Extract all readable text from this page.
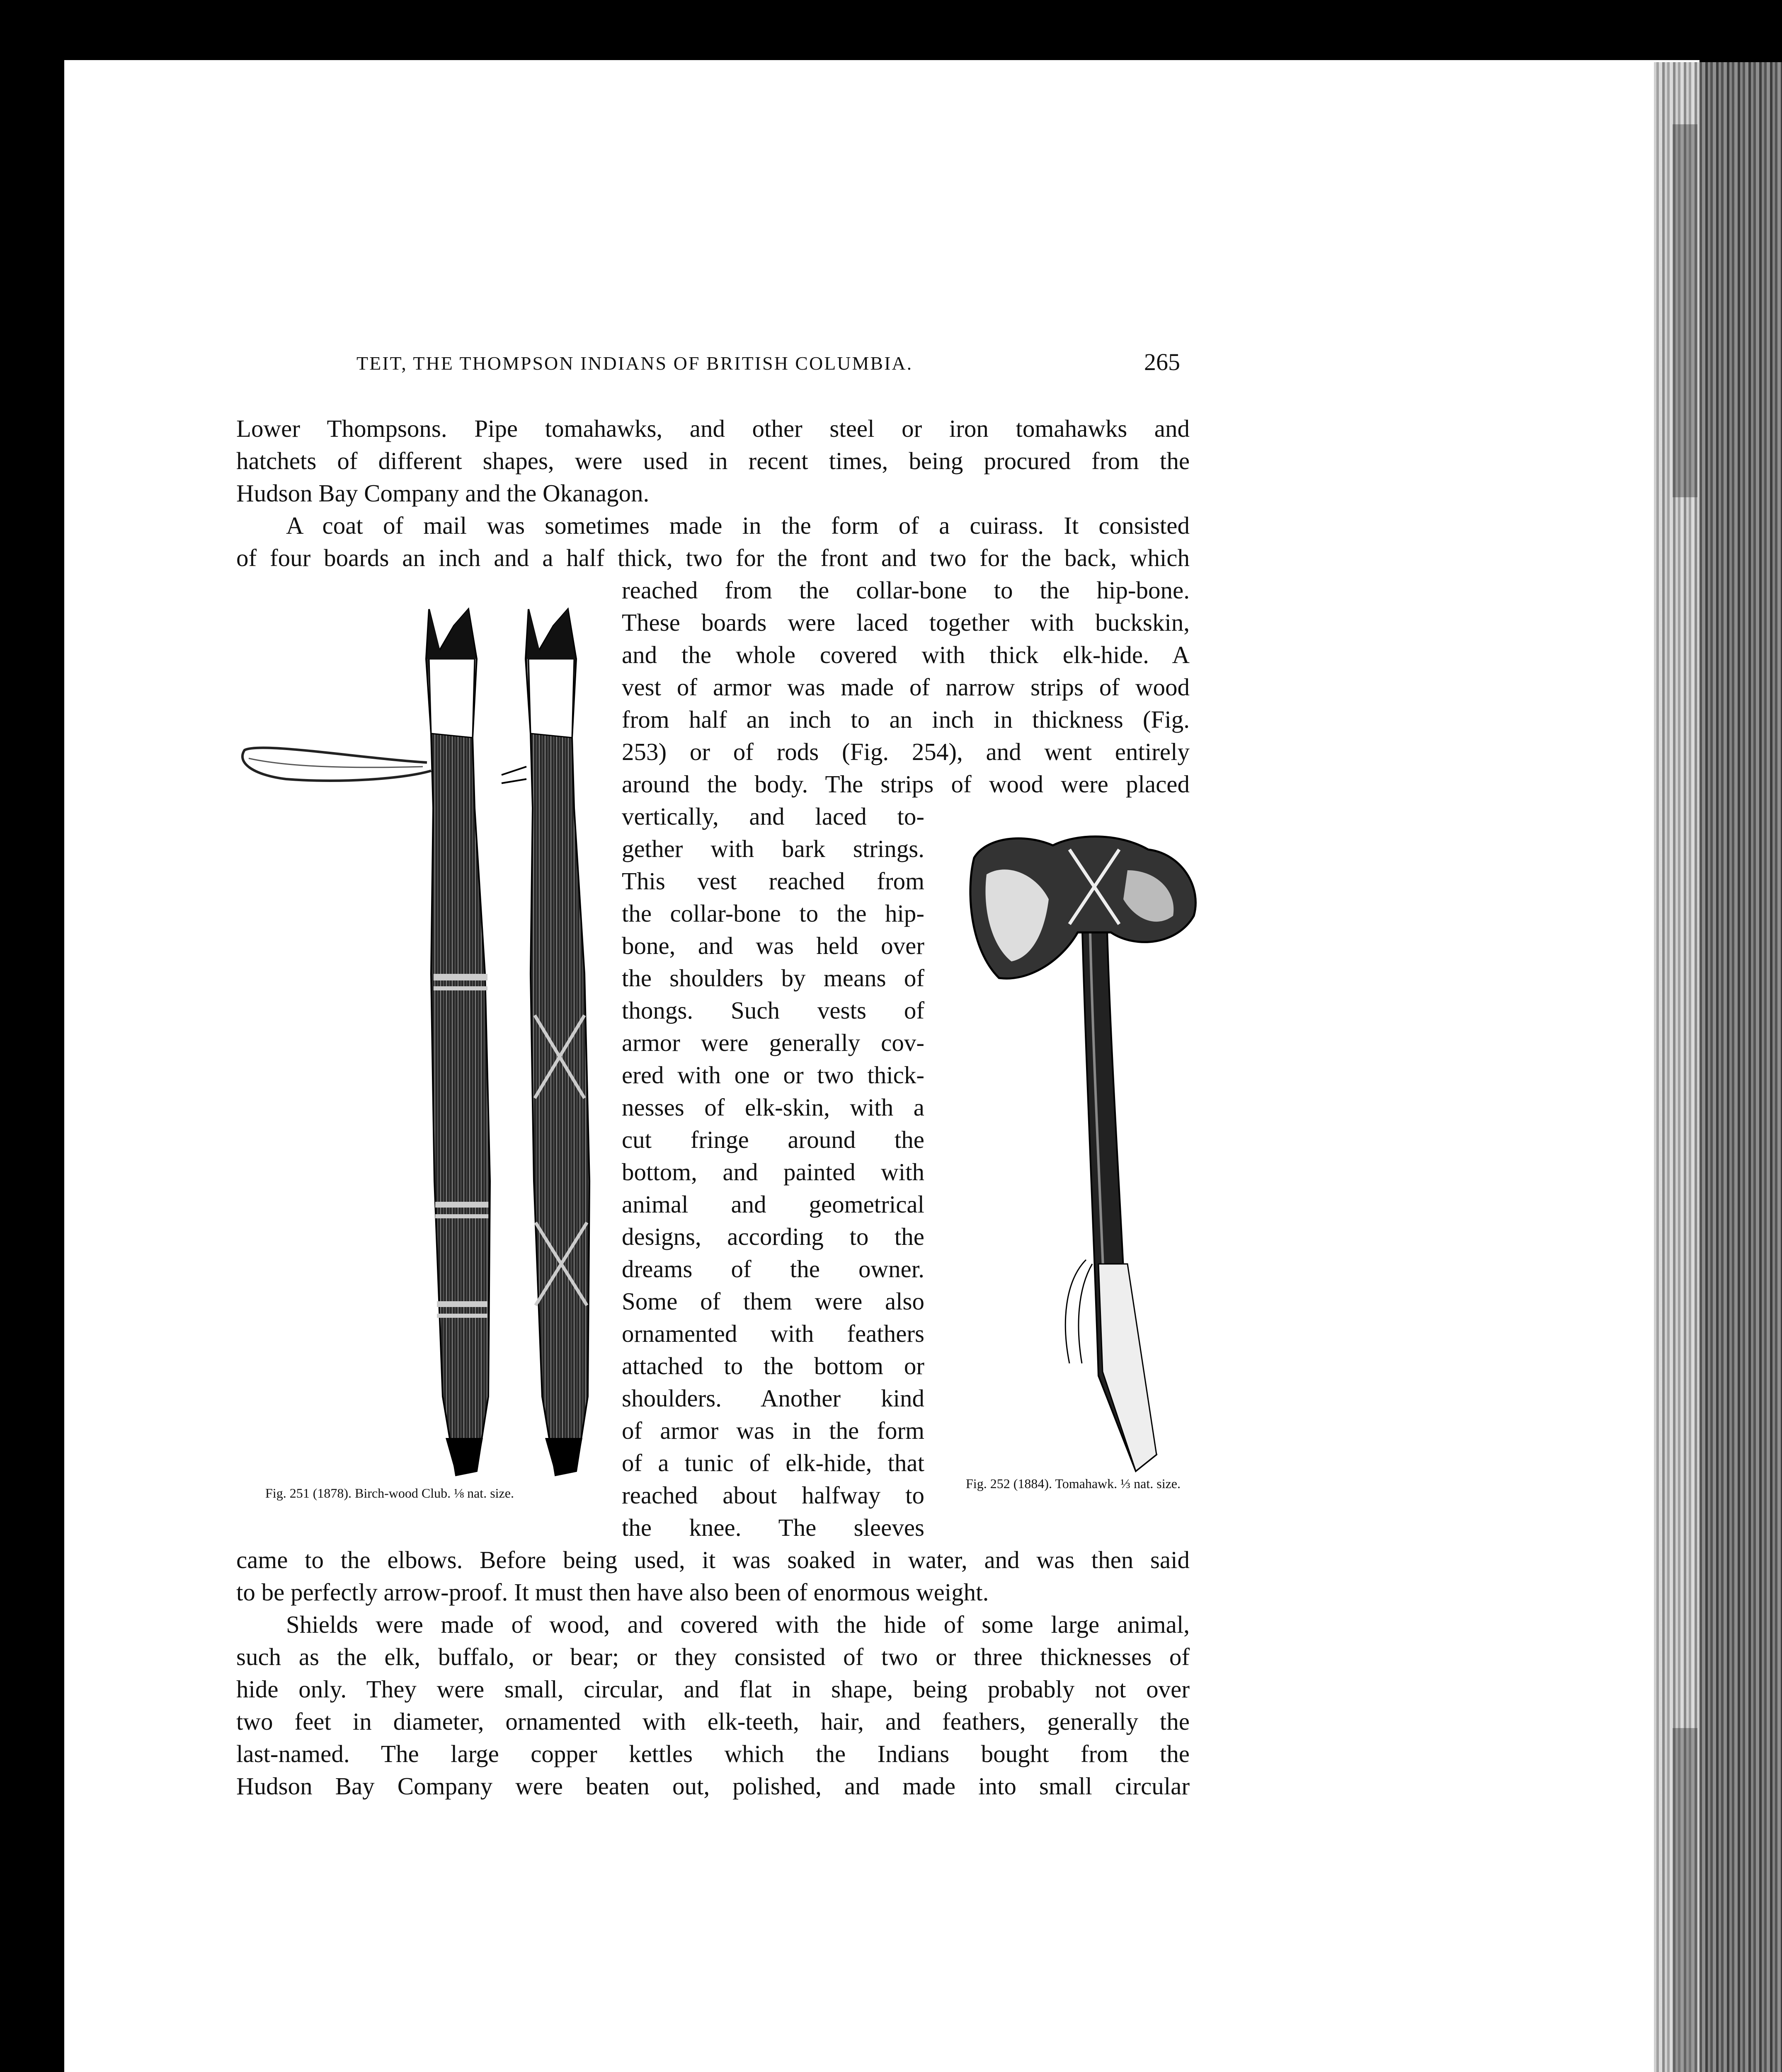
TEIT, THE THOMPSON INDIANS OF BRITISH COLUMBIA.	265
Lower Thompsons. Pipe tomahawks, and other steel or iron tomahawks and
hatchets of different shapes, were used in recent times, being procured from the
Hudson Bay Company and the Okanagon.
A coat of mail was sometimes made in the form of a cuirass. It consisted
of four boards an inch and a half thick, two for the front and two for the back, which
reached from the collar-bone to the hip-bone.
These boards were laced together with buckskin,
and the whole covered with thick elk-hide. A
vest of armor was made of narrow strips of wood
from half an inch to an inch in thickness (Fig.
253) or of rods (Fig. 254), and went entirely
around the body. The strips of wood were placed
vertically, and laced to-
gether with bark strings.
This vest reached from
the collar-bone to the hip-
bone, and was held over
the shoulders by means of
thongs. Such vests of
armor were generally cov-
ered with one or two thick-
nesses of elk-skin, with a
cut fringe around the
bottom, and painted with
animal and geometrical
designs, according to the
dreams of the owner.
Some of them were also
ornamented with feathers
attached to the bottom or
shoulders. Another kind
of armor was in the form
of a tunic of elk-hide, that
reached about halfway to
the knee. The sleeves
came to the elbows. Before being used, it was soaked in water, and was then said
to be perfectly arrow-proof. It must then have also been of enormous weight.
Shields were made of wood, and covered with the hide of some large animal,
such as the elk, buffalo, or bear; or they consisted of two or three thicknesses of
hide only. They were small, circular, and flat in shape, being probably not over
two feet in diameter, ornamented with elk-teeth, hair, and feathers, generally the
last-named. The large copper kettles which the Indians bought from the
Hudson Bay Company were beaten out, polished, and made into small circular
Fig. 251 (1878). Birch-wood Club. ⅛ nat. size.
Fig. 252 (1884). Tomahawk. ⅓ nat. size.
